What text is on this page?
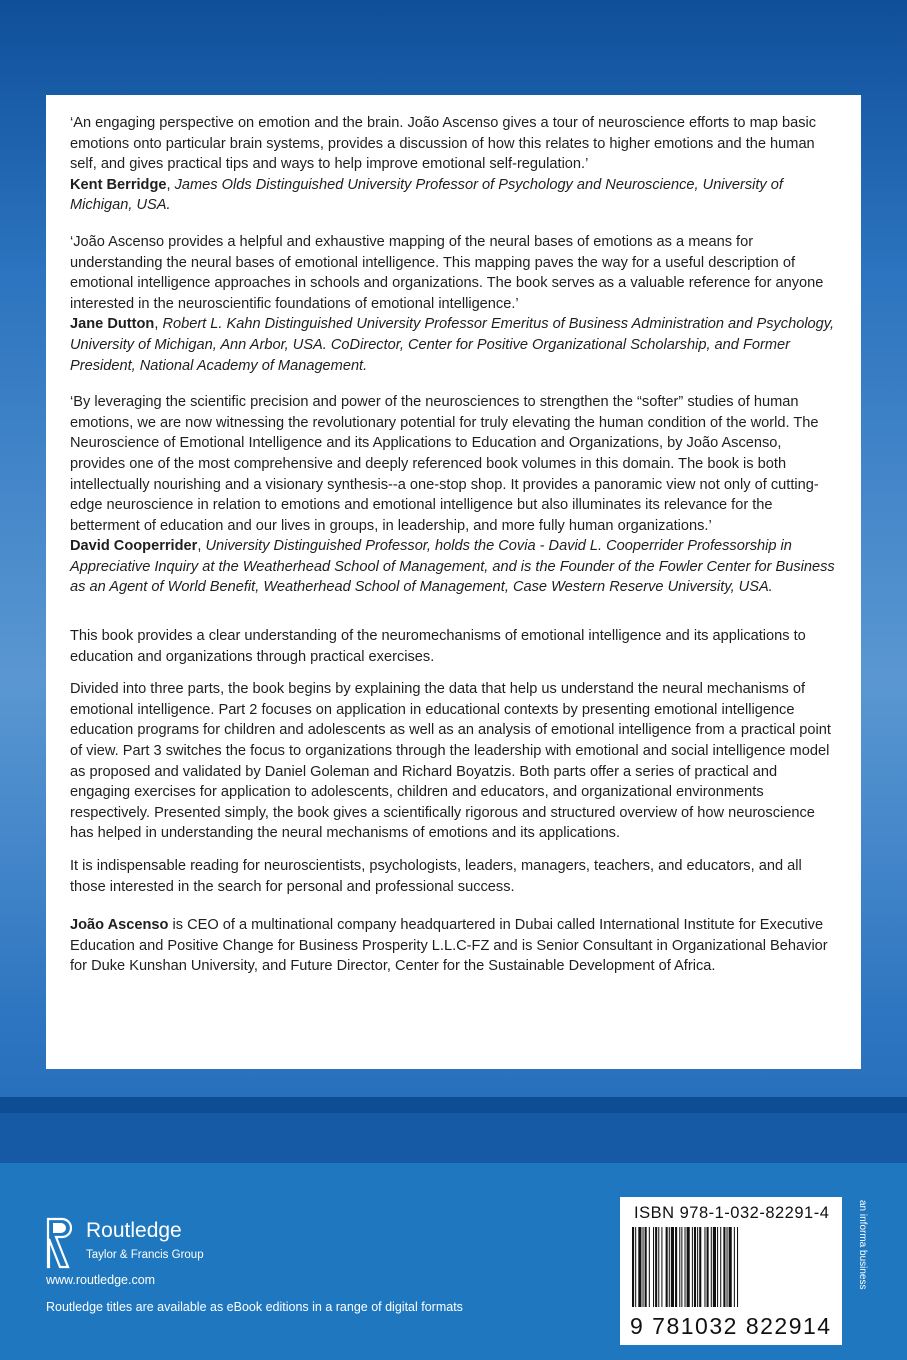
‘An engaging perspective on emotion and the brain. João Ascenso gives a tour of neuroscience efforts to map basic emotions onto particular brain systems, provides a discussion of how this relates to higher emotions and the human self, and gives practical tips and ways to help improve emotional self-regulation.’
Kent Berridge, James Olds Distinguished University Professor of Psychology and Neuroscience, University of Michigan, USA.

‘João Ascenso provides a helpful and exhaustive mapping of the neural bases of emotions as a means for understanding the neural bases of emotional intelligence. This mapping paves the way for a useful description of emotional intelligence approaches in schools and organizations. The book serves as a valuable reference for anyone interested in the neuroscientific foundations of emotional intelligence.’
Jane Dutton, Robert L. Kahn Distinguished University Professor Emeritus of Business Administration and Psychology, University of Michigan, Ann Arbor, USA. CoDirector, Center for Positive Organizational Scholarship, and Former President, National Academy of Management.

‘By leveraging the scientific precision and power of the neurosciences to strengthen the “softer” studies of human emotions, we are now witnessing the revolutionary potential for truly elevating the human condition of the world. The Neuroscience of Emotional Intelligence and its Applications to Education and Organizations, by João Ascenso, provides one of the most comprehensive and deeply referenced book volumes in this domain. The book is both intellectually nourishing and a visionary synthesis--a one-stop shop. It provides a panoramic view not only of cutting-edge neuroscience in relation to emotions and emotional intelligence but also illuminates its relevance for the betterment of education and our lives in groups, in leadership, and more fully human organizations.’
David Cooperrider, University Distinguished Professor, holds the Covia - David L. Cooperrider Professorship in Appreciative Inquiry at the Weatherhead School of Management, and is the Founder of the Fowler Center for Business as an Agent of World Benefit, Weatherhead School of Management, Case Western Reserve University, USA.

This book provides a clear understanding of the neuromechanisms of emotional intelligence and its applications to education and organizations through practical exercises.

Divided into three parts, the book begins by explaining the data that help us understand the neural mechanisms of emotional intelligence. Part 2 focuses on application in educational contexts by presenting emotional intelligence education programs for children and adolescents as well as an analysis of emotional intelligence from a practical point of view. Part 3 switches the focus to organizations through the leadership with emotional and social intelligence model as proposed and validated by Daniel Goleman and Richard Boyatzis. Both parts offer a series of practical and engaging exercises for application to adolescents, children and educators, and organizational environments respectively. Presented simply, the book gives a scientifically rigorous and structured overview of how neuroscience has helped in understanding the neural mechanisms of emotions and its applications.

It is indispensable reading for neuroscientists, psychologists, leaders, managers, teachers, and educators, and all those interested in the search for personal and professional success.

João Ascenso is CEO of a multinational company headquartered in Dubai called International Institute for Executive Education and Positive Change for Business Prosperity L.L.C-FZ and is Senior Consultant in Organizational Behavior for Duke Kunshan University, and Future Director, Center for the Sustainable Development of Africa.

Routledge
Taylor & Francis Group
www.routledge.com
Routledge titles are available as eBook editions in a range of digital formats
ISBN 978-1-032-82291-4
9 781032 822914
an informa business
